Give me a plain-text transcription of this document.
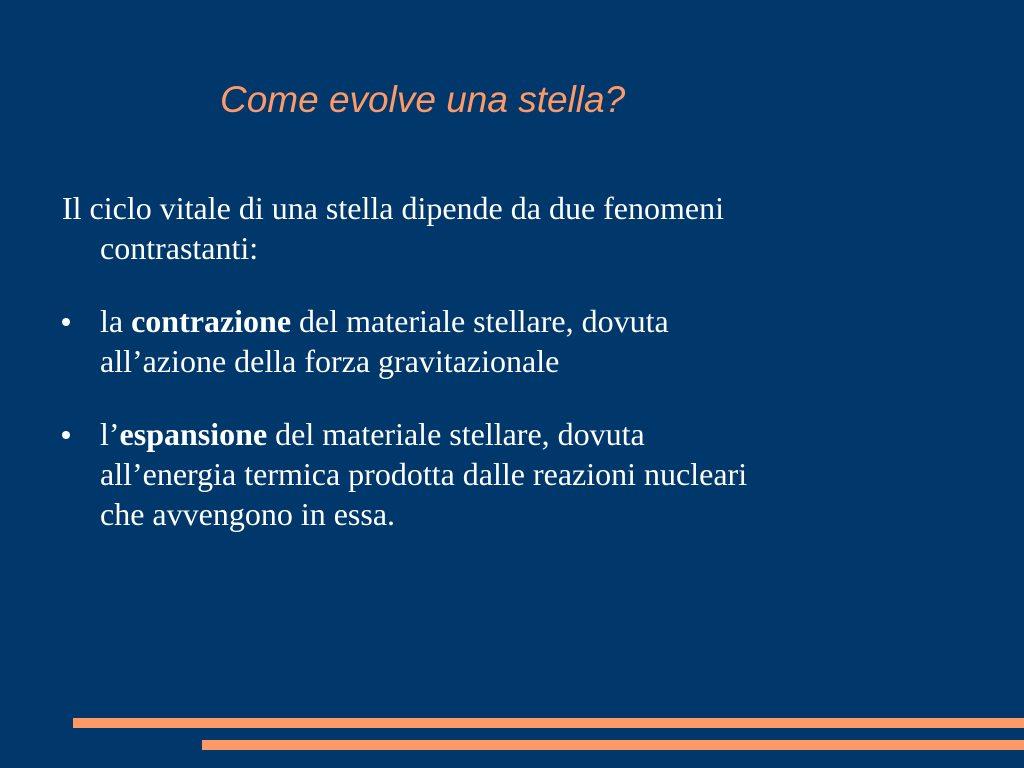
Come evolve una stella?

Il ciclo vitale di una stella dipende da due fenomeni
contrastanti:

la contrazione del materiale stellare, dovuta
all’azione della forza gravitazionale
l’espansione del materiale stellare, dovuta
all’energia termica prodotta dalle reazioni nucleari
che avvengono in essa.
